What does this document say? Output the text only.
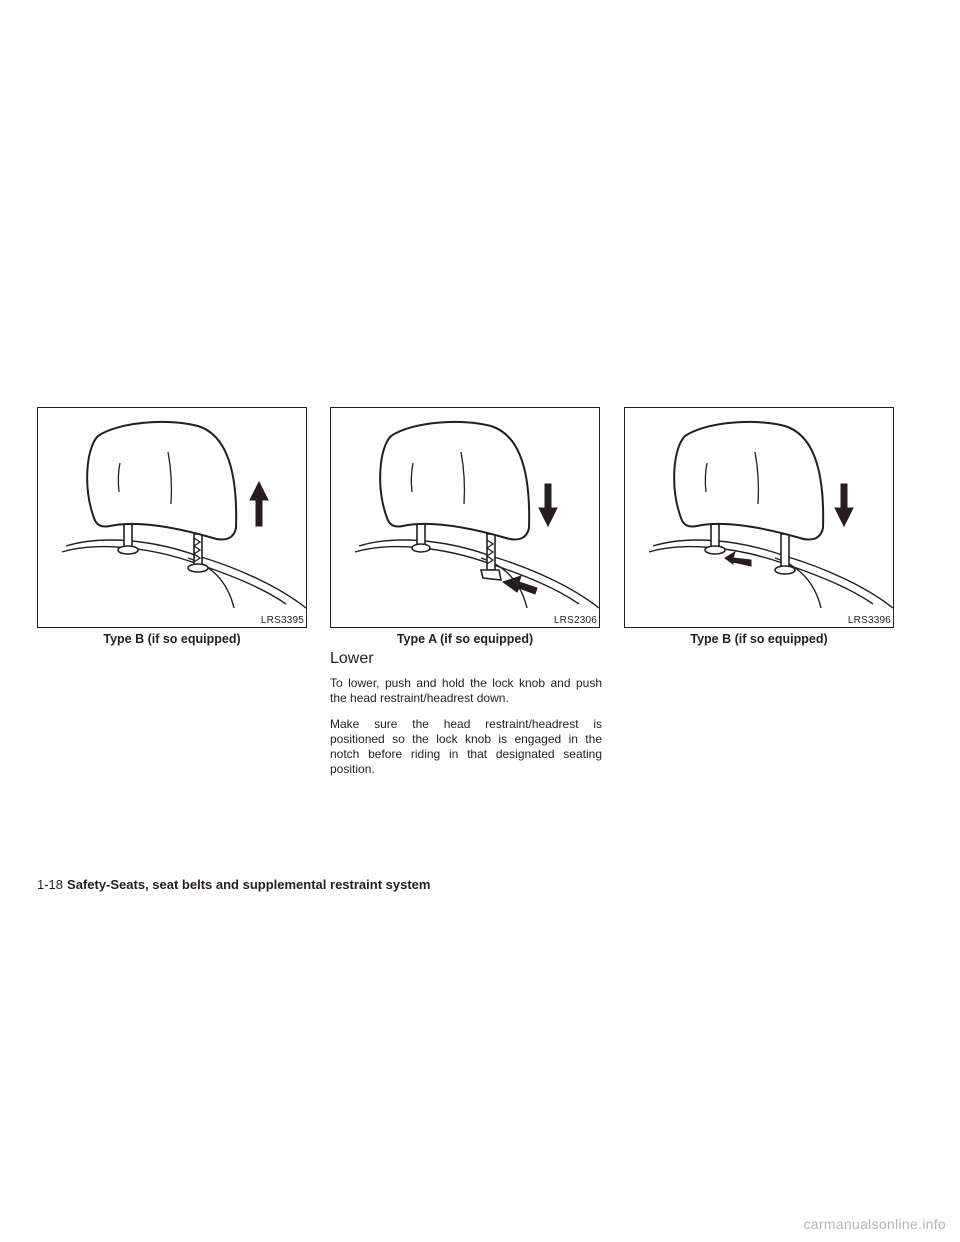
LRS3395
Type B (if so equipped)
LRS2306
Type A (if so equipped)
LRS3396
Type B (if so equipped)
Lower

To lower, push and hold the lock knob and push the head restraint/headrest down.

Make sure the head restraint/headrest is positioned so the lock knob is engaged in the notch before riding in that designated seating position.

1-18 Safety-Seats, seat belts and supplemental restraint system
carmanualsonline.info
